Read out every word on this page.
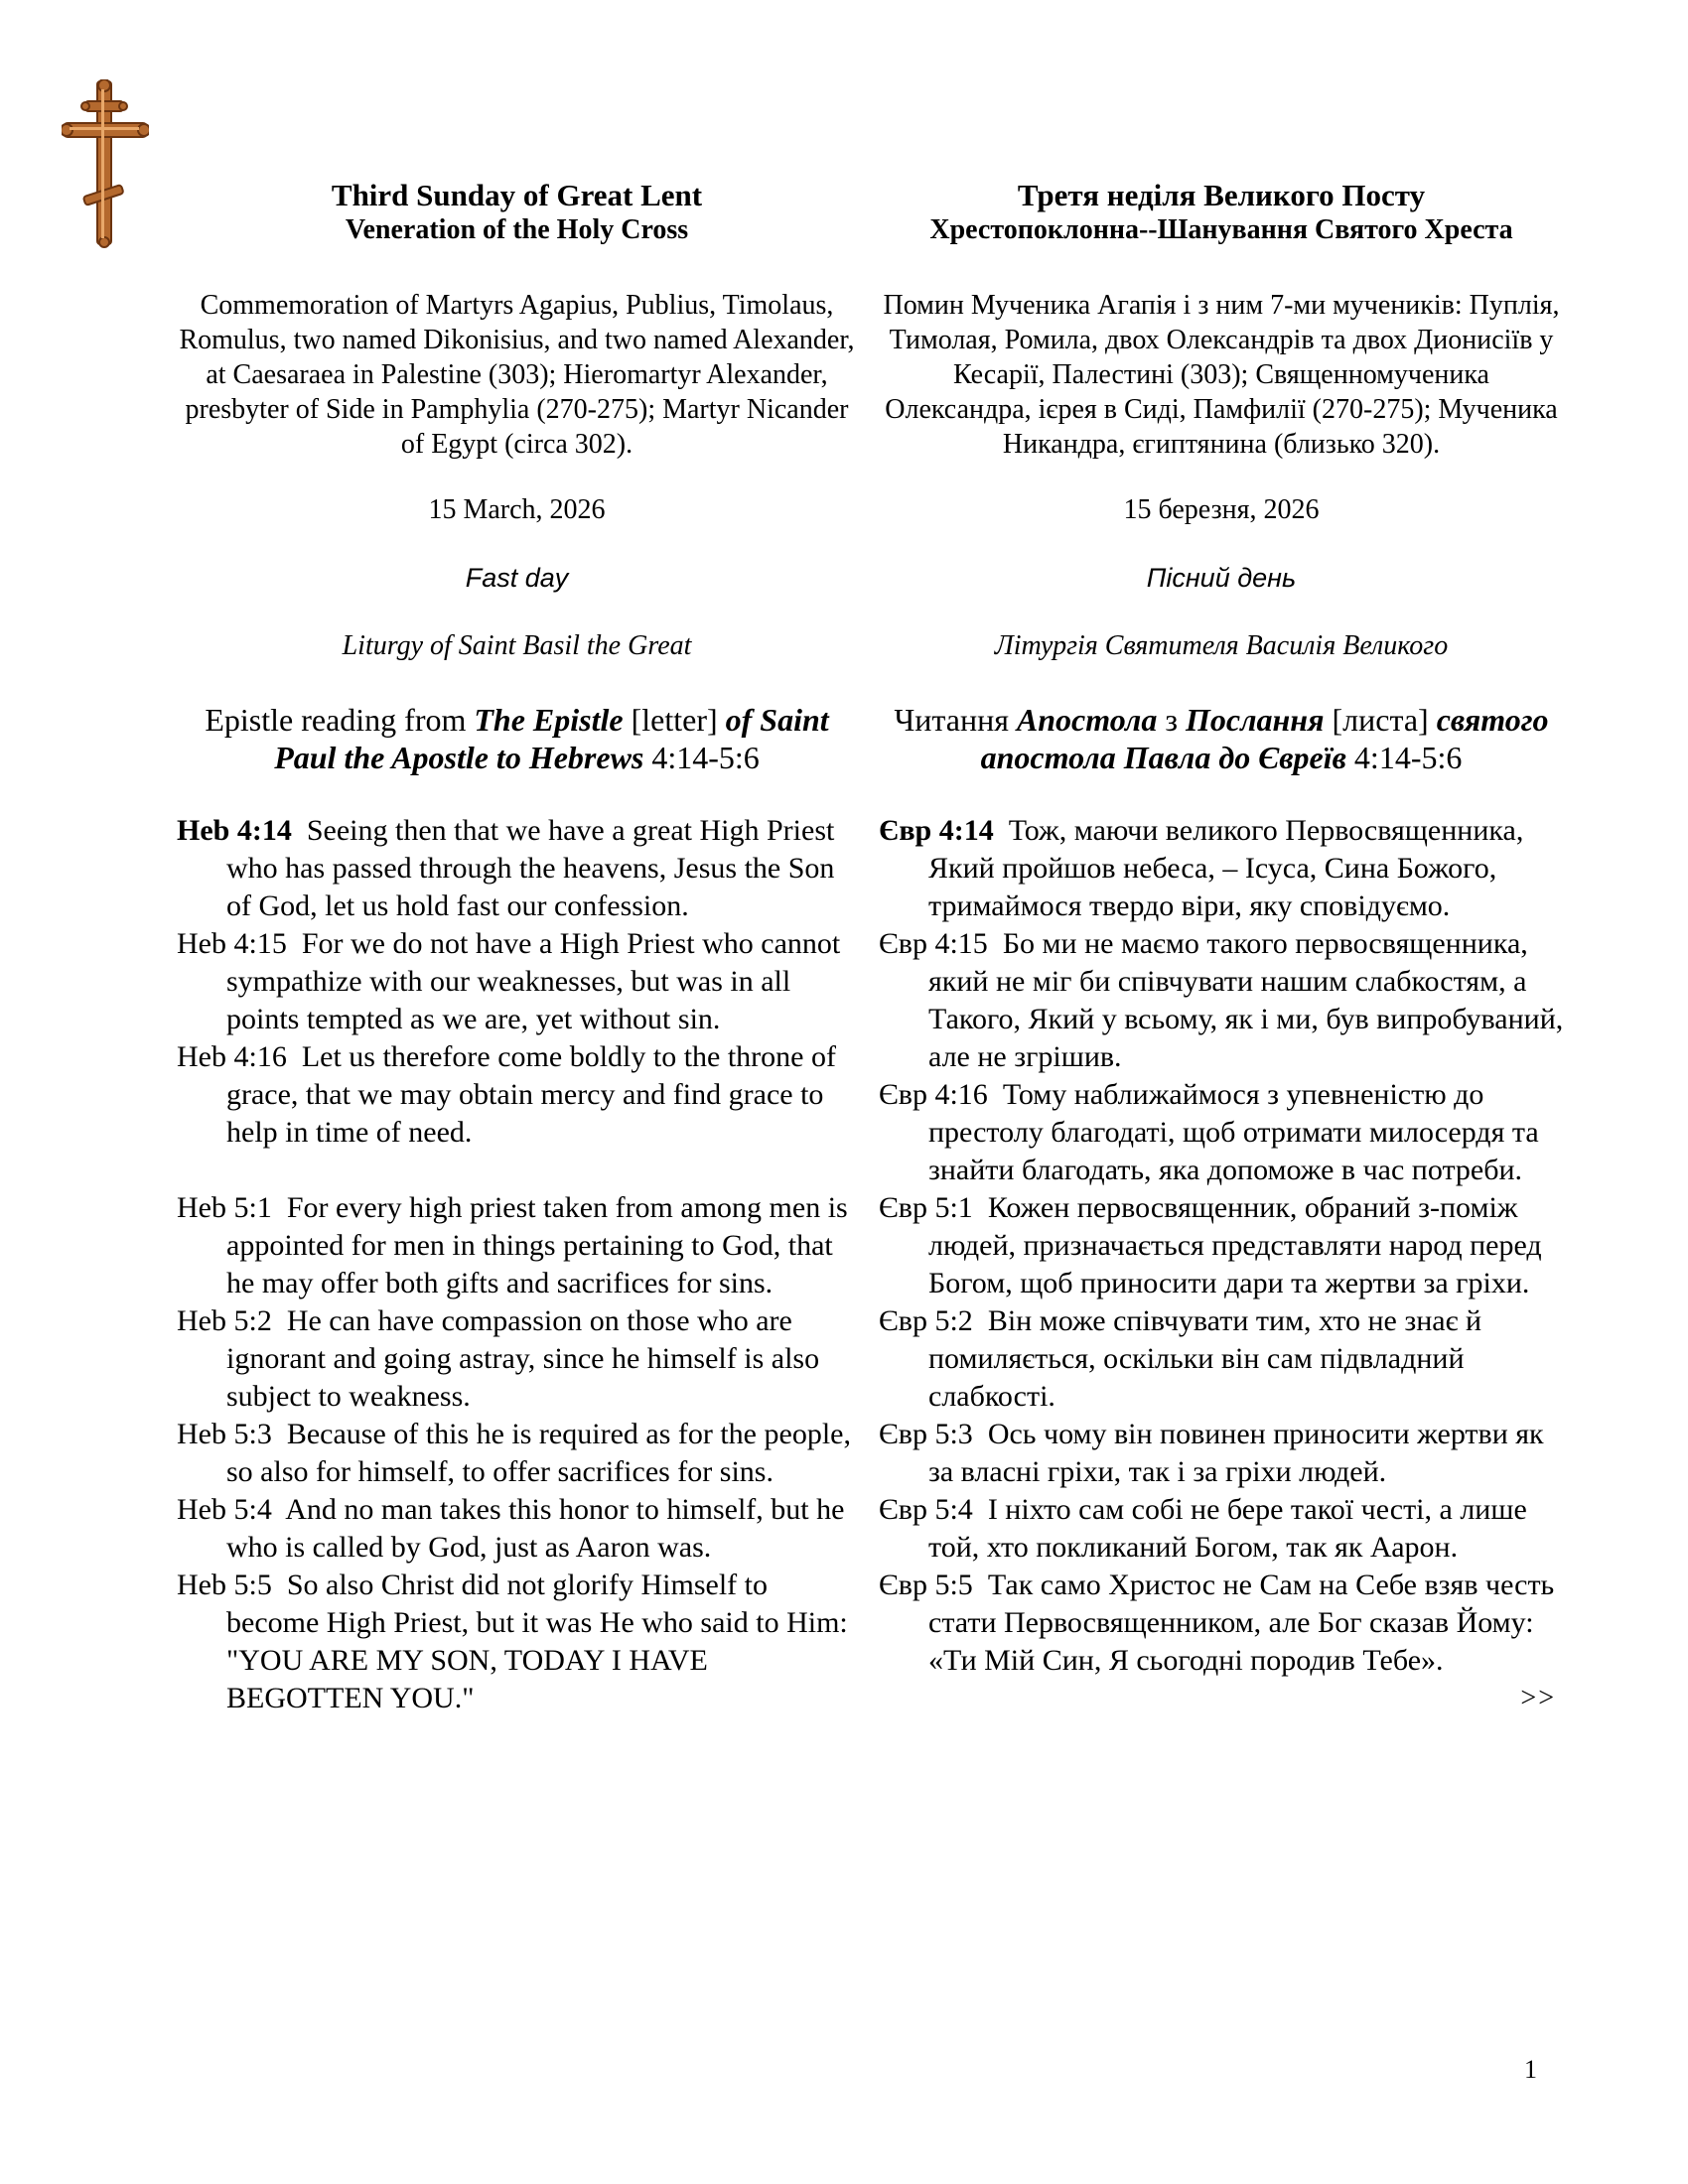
Third Sunday of Great Lent

Veneration of the Holy Cross

Commemoration of Martyrs Agapius, Publius, Timolaus, Romulus, two named Dikonisius, and two named Alexander, at Caesaraea in Palestine (303); Hieromartyr Alexander, presbyter of Side in Pamphylia (270-275); Martyr Nicander of Egypt (circa 302).

15 March, 2026

Fast day

Liturgy of Saint Basil the Great

Epistle reading from The Epistle [letter] of Saint Paul the Apostle to Hebrews 4:14-5:6

Heb 4:14 Seeing then that we have a great High Priest who has passed through the heavens, Jesus the Son of God, let us hold fast our confession.

Heb 4:15 For we do not have a High Priest who cannot sympathize with our weaknesses, but was in all points tempted as we are, yet without sin.

Heb 4:16 Let us therefore come boldly to the throne of grace, that we may obtain mercy and find grace to help in time of need.

Heb 5:1 For every high priest taken from among men is appointed for men in things pertaining to God, that he may offer both gifts and sacrifices for sins.

Heb 5:2 He can have compassion on those who are ignorant and going astray, since he himself is also subject to weakness.

Heb 5:3 Because of this he is required as for the people, so also for himself, to offer sacrifices for sins.

Heb 5:4 And no man takes this honor to himself, but he who is called by God, just as Aaron was.

Heb 5:5 So also Christ did not glorify Himself to become High Priest, but it was He who said to Him: "YOU ARE MY SON, TODAY I HAVE BEGOTTEN YOU."

Третя неділя Великого Посту

Хрестопоклонна--Шанування Святого Хреста

Помин Мученика Агапія і з ним 7-ми мучеників: Пуплія, Тимолая, Ромила, двох Олександрів та двох Дионисіїв у Кесарії, Палестині (303); Священномученика Олександра, ієрея в Сиді, Памфилії (270-275); Мученика Никандра, єгиптянина (близько 320).

15 березня, 2026

Пісний день

Літургія Святителя Василія Великого

Читання Апостола з Послання [листа] святого апостола Павла до Євреїв 4:14-5:6

Євр 4:14 Тож, маючи великого Первосвященника, Який пройшов небеса, – Ісуса, Сина Божого, тримаймося твердо віри, яку сповідуємо.

Євр 4:15 Бо ми не маємо такого первосвященника, який не міг би співчувати нашим слабкостям, а Такого, Який у всьому, як і ми, був випробуваний, але не згрішив.

Євр 4:16 Тому наближаймося з упевненістю до престолу благодаті, щоб отримати милосердя та знайти благодать, яка допоможе в час потреби.

Євр 5:1 Кожен первосвященник, обраний з-поміж людей, призначається представляти народ перед Богом, щоб приносити дари та жертви за гріхи.

Євр 5:2 Він може співчувати тим, хто не знає й помиляється, оскільки він сам підвладний слабкості.

Євр 5:3 Ось чому він повинен приносити жертви як за власні гріхи, так і за гріхи людей.

Євр 5:4 І ніхто сам собі не бере такої честі, а лише той, хто покликаний Богом, так як Аарон.

Євр 5:5 Так само Христос не Сам на Себе взяв честь стати Первосвященником, але Бог сказав Йому: «Ти Мій Син, Я сьогодні породив Тебе».

>>

1
